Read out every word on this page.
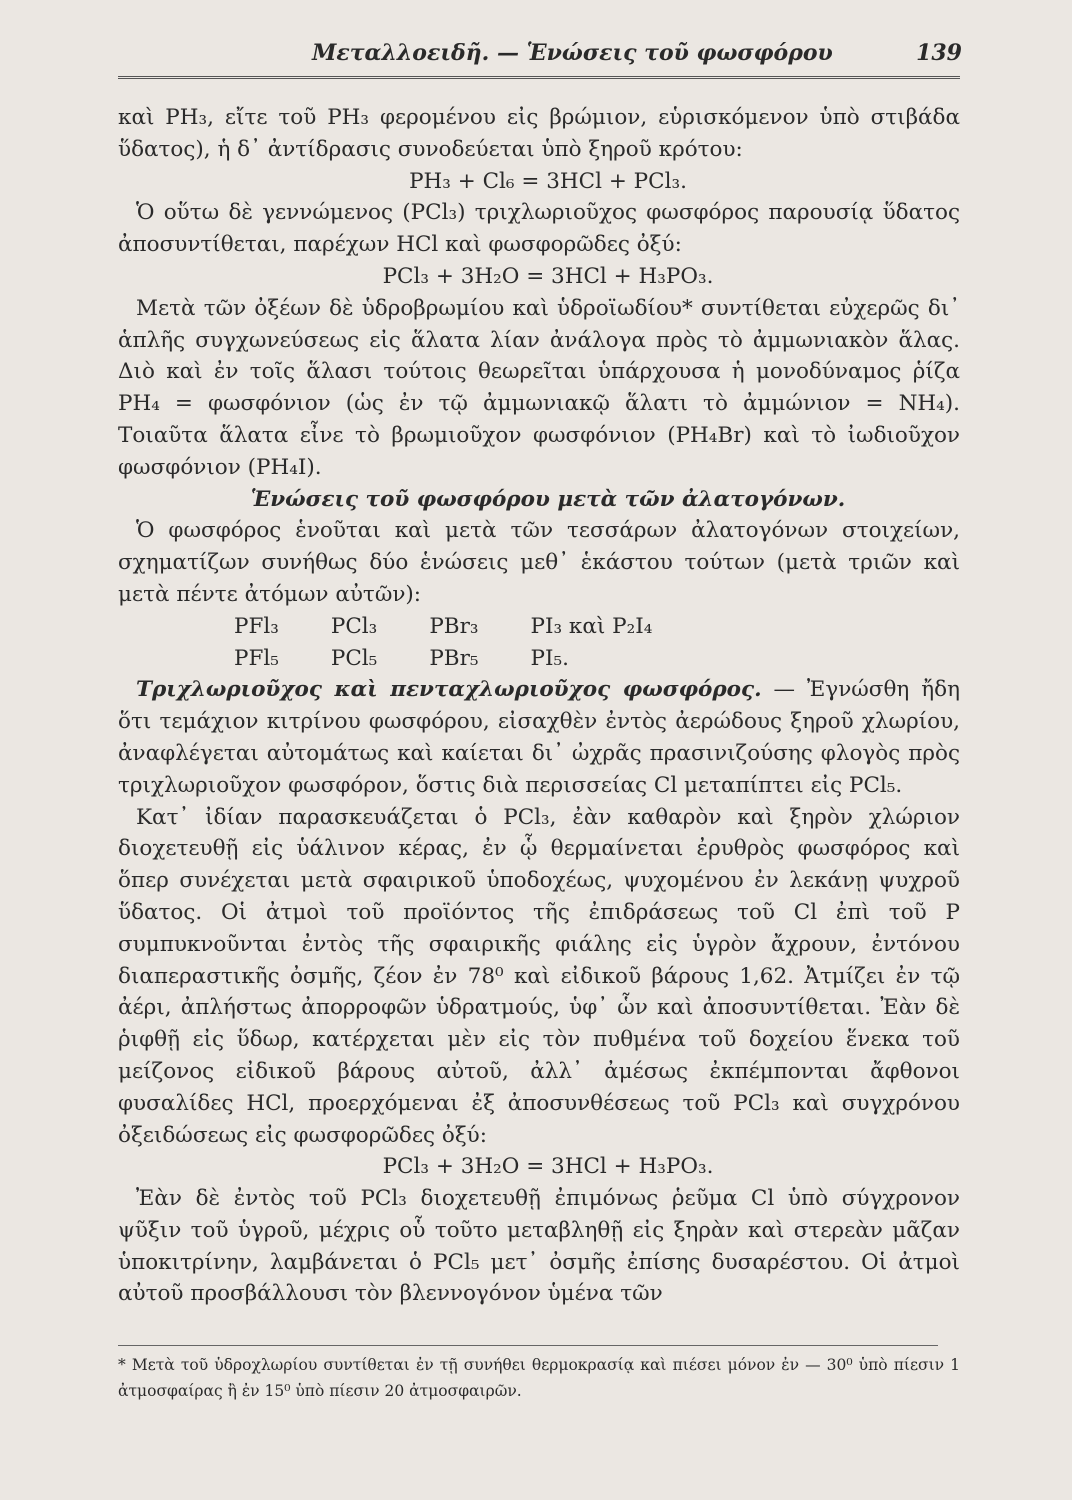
Μεταλλοειδῆ. — Ἑνώσεις τοῦ φωσφόρου	139

καὶ PH₃, εἴτε τοῦ PH₃ φερομένου εἰς βρώμιον, εὑρισκόμενον ὑπὸ στιβάδα ὕδατος), ἡ δ᾽ ἀντίδρασις συνοδεύεται ὑπὸ ξηροῦ κρότου:

PH₃ + Cl₆ = 3HCl + PCl₃.

Ὁ οὕτω δὲ γεννώμενος (PCl₃) τριχλωριοῦχος φωσφόρος παρουσίᾳ ὕδατος ἀποσυντίθεται, παρέχων HCl καὶ φωσφορῶδες ὀξύ:

PCl₃ + 3H₂O = 3HCl + H₃PO₃.

Μετὰ τῶν ὀξέων δὲ ὑδροβρωμίου καὶ ὑδροϊωδίου* συντίθεται εὐχερῶς δι᾽ ἁπλῆς συγχωνεύσεως εἰς ἅλατα λίαν ἀνάλογα πρὸς τὸ ἀμμωνιακὸν ἅλας. Διὸ καὶ ἐν τοῖς ἅλασι τούτοις θεωρεῖται ὑπάρχουσα ἡ μονοδύναμος ῥίζα PH₄ = φωσφόνιον (ὡς ἐν τῷ ἀμμωνιακῷ ἅλατι τὸ ἀμμώνιον = NH₄). Τοιαῦτα ἅλατα εἶνε τὸ βρωμιοῦχον φωσφόνιον (PH₄Br) καὶ τὸ ἰωδιοῦχον φωσφόνιον (PH₄I).

Ἑνώσεις τοῦ φωσφόρου μετὰ τῶν ἀλατογόνων.

Ὁ φωσφόρος ἑνοῦται καὶ μετὰ τῶν τεσσάρων ἀλατογόνων στοιχείων, σχηματίζων συνήθως δύο ἑνώσεις μεθ᾽ ἑκάστου τούτων (μετὰ τριῶν καὶ μετὰ πέντε ἀτόμων αὐτῶν):

PFl₃	PCl₃	PBr₃	PI₃ καὶ P₂I₄
PFl₅	PCl₅	PBr₅	PI₅.

Τριχλωριοῦχος καὶ πενταχλωριοῦχος φωσφόρος. — Ἐγνώσθη ἤδη ὅτι τεμάχιον κιτρίνου φωσφόρου, εἰσαχθὲν ἐντὸς ἀερώδους ξηροῦ χλωρίου, ἀναφλέγεται αὐτομάτως καὶ καίεται δι᾽ ὠχρᾶς πρασινιζούσης φλογὸς πρὸς τριχλωριοῦχον φωσφόρον, ὅστις διὰ περισσείας Cl μεταπίπτει εἰς PCl₅.

Κατ᾽ ἰδίαν παρασκευάζεται ὁ PCl₃, ἐὰν καθαρὸν καὶ ξηρὸν χλώριον διοχετευθῇ εἰς ὑάλινον κέρας, ἐν ᾧ θερμαίνεται ἐρυθρὸς φωσφόρος καὶ ὅπερ συνέχεται μετὰ σφαιρικοῦ ὑποδοχέως, ψυχομένου ἐν λεκάνῃ ψυχροῦ ὕδατος. Οἱ ἀτμοὶ τοῦ προϊόντος τῆς ἐπιδράσεως τοῦ Cl ἐπὶ τοῦ P συμπυκνοῦνται ἐντὸς τῆς σφαιρικῆς φιάλης εἰς ὑγρὸν ἄχρουν, ἐντόνου διαπεραστικῆς ὀσμῆς, ζέον ἐν 78⁰ καὶ εἰδικοῦ βάρους 1,62. Ἀτμίζει ἐν τῷ ἀέρι, ἀπλήστως ἀπορροφῶν ὑδρατμούς, ὑφ᾽ ὧν καὶ ἀποσυντίθεται. Ἐὰν δὲ ῥιφθῇ εἰς ὕδωρ, κατέρχεται μὲν εἰς τὸν πυθμένα τοῦ δοχείου ἕνεκα τοῦ μείζονος εἰδικοῦ βάρους αὐτοῦ, ἀλλ᾽ ἀμέσως ἐκπέμπονται ἄφθονοι φυσαλίδες HCl, προερχόμεναι ἐξ ἀποσυνθέσεως τοῦ PCl₃ καὶ συγχρόνου ὀξειδώσεως εἰς φωσφορῶδες ὀξύ:

PCl₃ + 3H₂O = 3HCl + H₃PO₃.

Ἐὰν δὲ ἐντὸς τοῦ PCl₃ διοχετευθῇ ἐπιμόνως ῥεῦμα Cl ὑπὸ σύγχρονον ψῦξιν τοῦ ὑγροῦ, μέχρις οὗ τοῦτο μεταβληθῇ εἰς ξηρὰν καὶ στερεὰν μᾶζαν ὑποκιτρίνην, λαμβάνεται ὁ PCl₅ μετ᾽ ὀσμῆς ἐπίσης δυσαρέστου. Οἱ ἀτμοὶ αὐτοῦ προσβάλλουσι τὸν βλεννογόνον ὑμένα τῶν

* Μετὰ τοῦ ὑδροχλωρίου συντίθεται ἐν τῇ συνήθει θερμοκρασίᾳ καὶ πιέσει μόνον ἐν — 30⁰ ὑπὸ πίεσιν 1 ἀτμοσφαίρας ἢ ἐν 15⁰ ὑπὸ πίεσιν 20 ἀτμοσφαιρῶν.
